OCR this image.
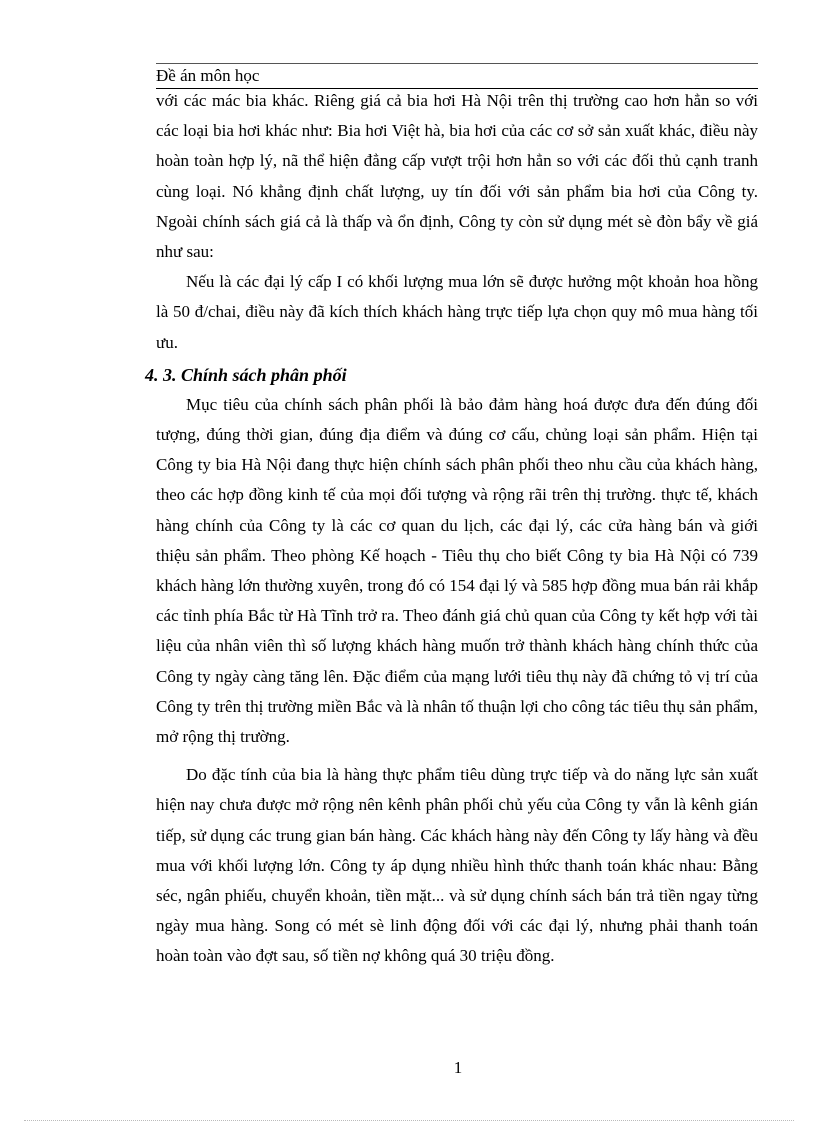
Đề án môn học

với các mác bia khác. Riêng giá cả bia hơi Hà Nội trên thị trường cao hơn hẳn so với các loại bia hơi khác như: Bia hơi Việt hà, bia hơi của các cơ sở sản xuất khác, điều này hoàn toàn hợp lý, nã thể hiện đẳng cấp vượt trội hơn hẳn so với các đối thủ cạnh tranh cùng loại. Nó khẳng định chất lượng, uy tín đối với sản phẩm bia hơi của Công ty. Ngoài chính sách giá cả là thấp và ổn định, Công ty còn sử dụng mét sè đòn bẩy về giá như sau:

Nếu là các đại lý cấp I có khối lượng mua lớn sẽ được hưởng một khoản hoa hồng là 50 đ/chai, điều này đã kích thích khách hàng trực tiếp lựa chọn quy mô mua hàng tối ưu.

4. 3. Chính sách phân phối

Mục tiêu của chính sách phân phối là bảo đảm hàng hoá được đưa đến đúng đối tượng, đúng thời gian, đúng địa điểm và đúng cơ cấu, chủng loại sản phẩm. Hiện tại Công ty bia Hà Nội đang thực hiện chính sách phân phối theo nhu cầu của khách hàng, theo các hợp đồng kinh tế của mọi đối tượng và rộng rãi trên thị trường. thực tế, khách hàng chính của Công ty là các cơ quan du lịch, các đại lý, các cửa hàng bán và giới thiệu sản phẩm. Theo phòng Kế hoạch - Tiêu thụ cho biết Công ty bia Hà Nội có 739 khách hàng lớn thường xuyên, trong đó có 154 đại lý và 585 hợp đồng mua bán rải khắp các tỉnh phía Bắc từ Hà Tĩnh trở ra. Theo đánh giá chủ quan của Công ty kết hợp với tài liệu của nhân viên thì số lượng khách hàng muốn trở thành khách hàng chính thức của Công ty ngày càng tăng lên. Đặc điểm của mạng lưới tiêu thụ này đã chứng tỏ vị trí của Công ty trên thị trường miền Bắc và là nhân tố thuận lợi cho công tác tiêu thụ sản phẩm, mở rộng thị trường.

Do đặc tính của bia là hàng thực phẩm tiêu dùng trực tiếp và do năng lực sản xuất hiện nay chưa được mở rộng nên kênh phân phối chủ yếu của Công ty vẫn là kênh gián tiếp, sử dụng các trung gian bán hàng. Các khách hàng này đến Công ty lấy hàng và đều mua với khối lượng lớn. Công ty áp dụng nhiều hình thức thanh toán khác nhau: Bằng séc, ngân phiếu, chuyển khoản, tiền mặt... và sử dụng chính sách bán trả tiền ngay từng ngày mua hàng. Song có mét sè linh động đối với các đại lý, nhưng phải thanh toán hoàn toàn vào đợt sau, số tiền nợ không quá 30 triệu đồng.

1
